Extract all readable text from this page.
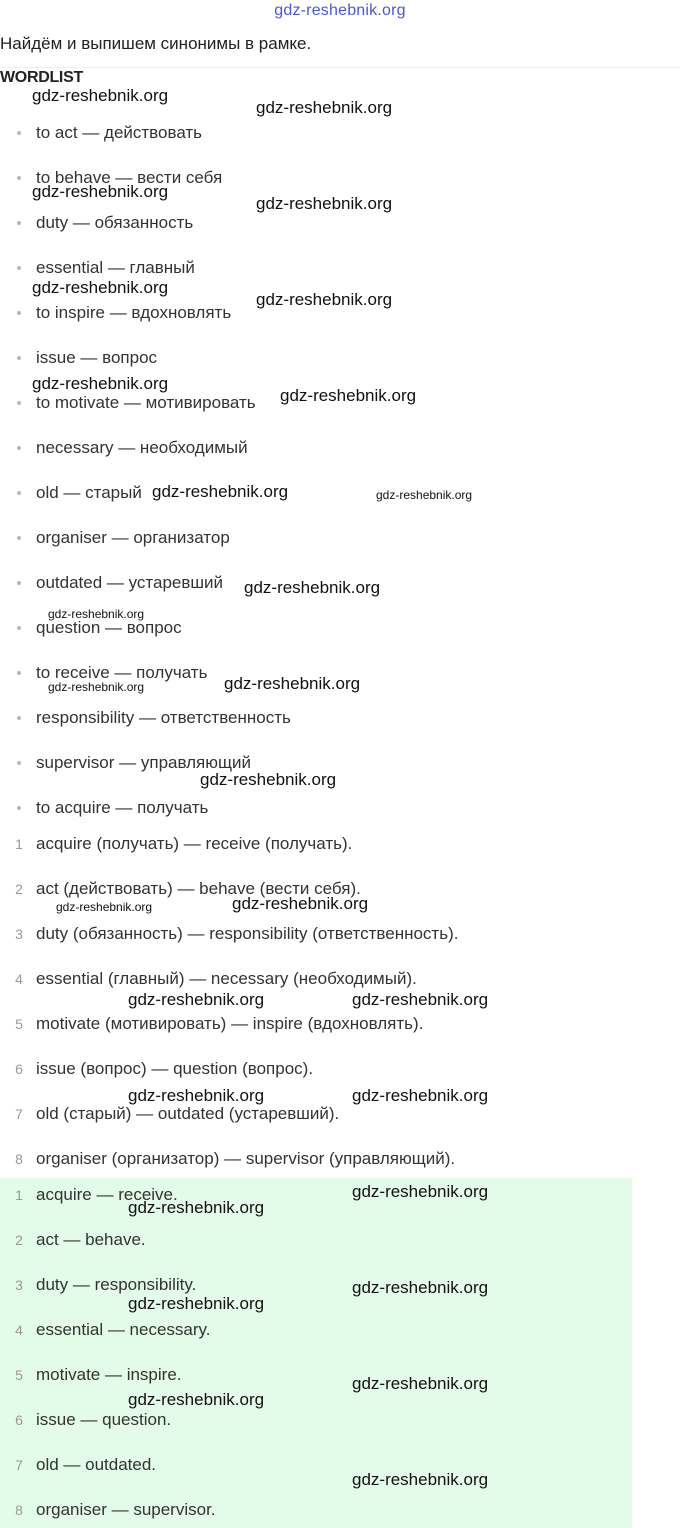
gdz-reshebnik.org
Найдём и выпишем синонимы в рамке.
WORDLIST
to act — действовать
to behave — вести себя
duty — обязанность
essential — главный
to inspire — вдохновлять
issue — вопрос
to motivate — мотивировать
necessary — необходимый
old — старый
organiser — организатор
outdated — устаревший
question — вопрос
to receive — получать
responsibility — ответственность
supervisor — управляющий
to acquire — получать
1 acquire (получать) — receive (получать).
2 act (действовать) — behave (вести себя).
3 duty (обязанность) — responsibility (ответственность).
4 essential (главный) — necessary (необходимый).
5 motivate (мотивировать) — inspire (вдохновлять).
6 issue (вопрос) — question (вопрос).
7 old (старый) — outdated (устаревший).
8 organiser (организатор) — supervisor (управляющий).
1 acquire — receive.
2 act — behave.
3 duty — responsibility.
4 essential — necessary.
5 motivate — inspire.
6 issue — question.
7 old — outdated.
8 organiser — supervisor.
gdz-reshebnik.org
gdz-reshebnik.org
gdz-reshebnik.org
gdz-reshebnik.org
gdz-reshebnik.org
gdz-reshebnik.org
gdz-reshebnik.org
gdz-reshebnik.org
gdz-reshebnik.org	gdz-reshebnik.org
gdz-reshebnik.org
gdz-reshebnik.org
gdz-reshebnik.org	gdz-reshebnik.org
gdz-reshebnik.org
gdz-reshebnik.org	gdz-reshebnik.org
gdz-reshebnik.org	gdz-reshebnik.org
gdz-reshebnik.org	gdz-reshebnik.org
gdz-reshebnik.org
gdz-reshebnik.org
gdz-reshebnik.org
gdz-reshebnik.org
gdz-reshebnik.org
gdz-reshebnik.org
gdz-reshebnik.org
